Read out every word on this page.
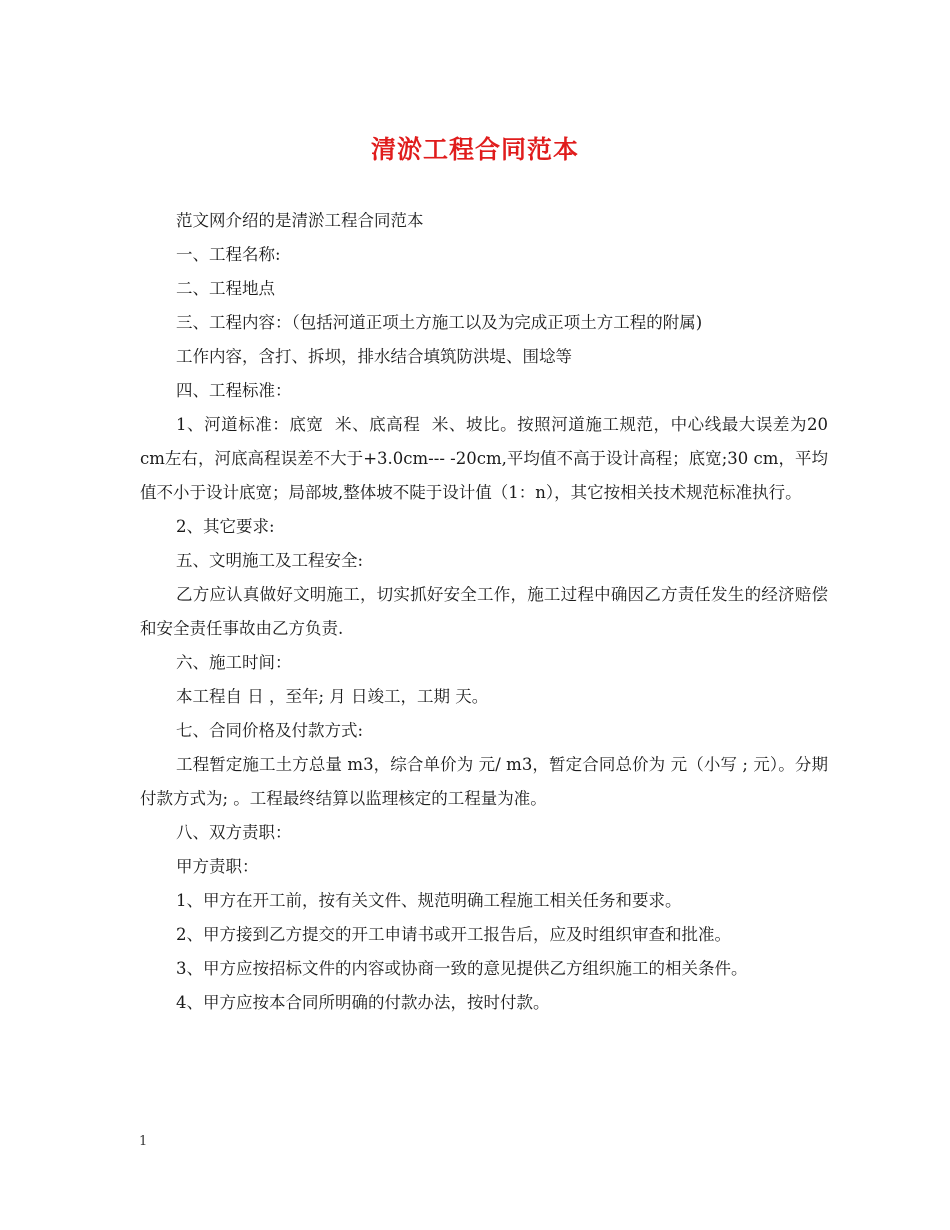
清淤工程合同范本

范文网介绍的是清淤工程合同范本

一、工程名称:

二、工程地点

三、工程内容：（包括河道正项土方施工以及为完成正项土方工程的附属)

工作内容，含打、拆坝，排水结合填筑防洪堤、围埝等

四、工程标准：

1、河道标准：底宽  米、底高程  米、坡比。按照河道施工规范，中心线最大误差为20 cm左右，河底高程误差不大于+3.0cm--- -20cm,平均值不高于设计高程；底宽;30 cm，平均值不小于设计底宽；局部坡,整体坡不陡于设计值（1：n），其它按相关技术规范标准执行。

2、其它要求:

五、文明施工及工程安全:

乙方应认真做好文明施工，切实抓好安全工作，施工过程中确因乙方责任发生的经济赔偿和安全责任事故由乙方负责.

六、施工时间：

本工程自 日 ，至年; 月 日竣工，工期 天。

七、合同价格及付款方式:

工程暂定施工土方总量 m3，综合单价为 元/ m3，暂定合同总价为 元（小写 ; 元）。分期付款方式为; 。工程最终结算以监理核定的工程量为准。

八、双方责职：

甲方责职：

1、甲方在开工前，按有关文件、规范明确工程施工相关任务和要求。

2、甲方接到乙方提交的开工申请书或开工报告后，应及时组织审查和批准。

3、甲方应按招标文件的内容或协商一致的意见提供乙方组织施工的相关条件。

4、甲方应按本合同所明确的付款办法，按时付款。

1
